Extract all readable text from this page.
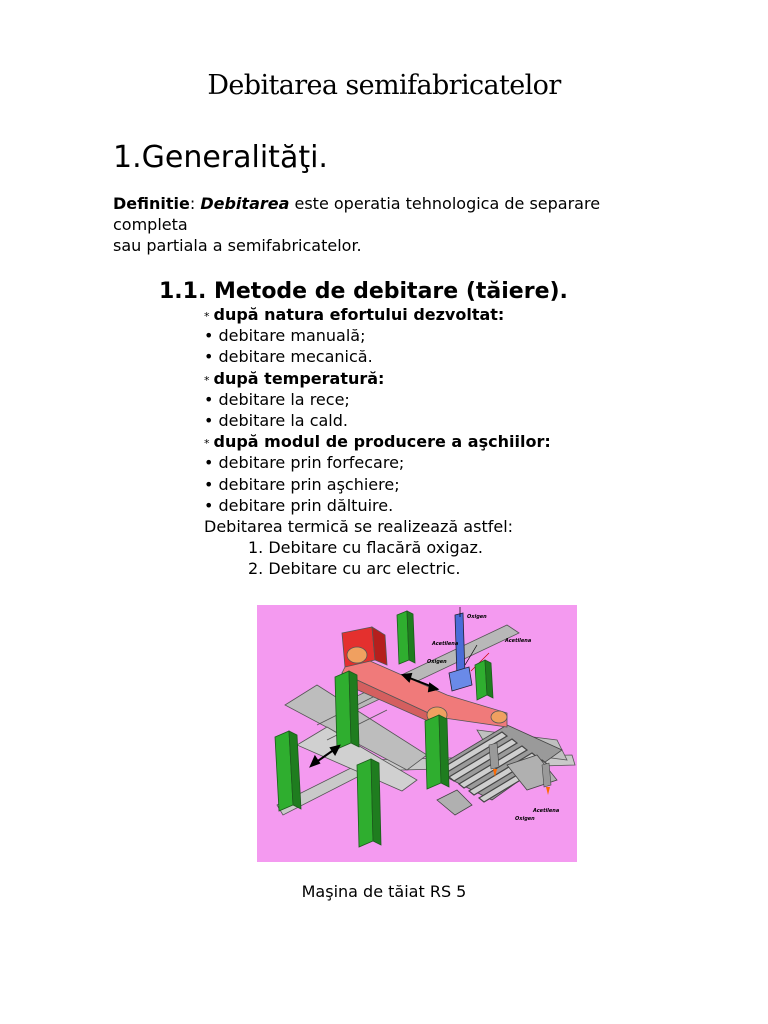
Debitarea semifabricatelor
1.Generalităţi.
Definitie: Debitarea este operatia tehnologica de separare
completa
sau partiala a semifabricatelor.
1.1. Metode de debitare (tăiere).
* după natura efortului dezvoltat:
• debitare manuală;
• debitare mecanică.
* după temperatură:
• debitare la rece;
• debitare la cald.
* după modul de producere a aşchiilor:
• debitare prin forfecare;
• debitare prin aşchiere;
• debitare prin dăltuire.
Debitarea termică se realizează astfel:
1. Debitare cu flacără oxigaz.
2. Debitare cu arc electric.
Oxigen
Acetilena	Acetilena
Oxigen
Acetilena
Oxigen
Maşina de tăiat RS 5
